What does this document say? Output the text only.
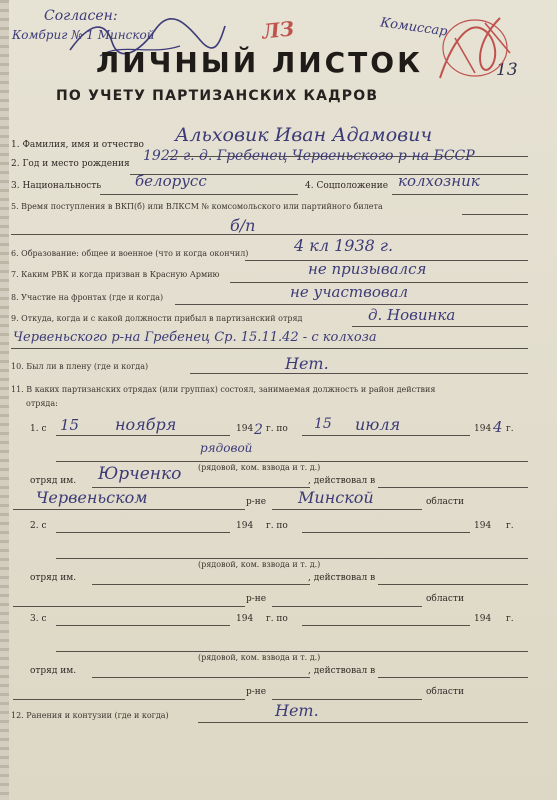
Согласен:
Комбриг № 1 Минской	Комиссар
ЛЗ
13
ЛИЧНЫЙ ЛИСТОК
ПО УЧЕТУ ПАРТИЗАНСКИХ КАДРОВ
1. Фамилия, имя и отчество Альховик Иван Адамович
2. Год и место рождения 1922 г. д. Гребенец Червеньского р-на БССР
3. Национальность белорусс	4. Соцположение колхозник
5. Время поступления в ВКП(б) или ВЛКСМ № комсомольского или партийного билета
б/п
6. Образование: общее и военное (что и когда окончил)	4 кл 1938 г.
7. Каким РВК и когда призван в Красную Армию	не призывался
8. Участие на фронтах (где и когда)	не участвовал
9. Откуда, когда и с какой должности прибыл в партизанский отряд	д. Новинка
Червеньского р-на Гребенец Ср. 15.11.42 - с колхоза
10. Был ли в плену (где и когда)	Нет.
11. В каких партизанских отрядах (или группах) состоял, занимаемая должность и район действия
отряда:
1. с 15 ноября	194 2 г. по 15 июля	194 4 г.
рядовой
(рядовой, ком. взвода и т. д.)
отряд им. Юрченко	, действовал в
Червеньском	р-не Минской	области
2. с	194 г. по	194 г.
(рядовой, ком. взвода и т. д.)
отряд им.	, действовал в
р-не	области
3. с	194 г. по	194 г.
(рядовой, ком. взвода и т. д.)
отряд им.	, действовал в
р-не	области
12. Ранения и контузии (где и когда)	Нет.
